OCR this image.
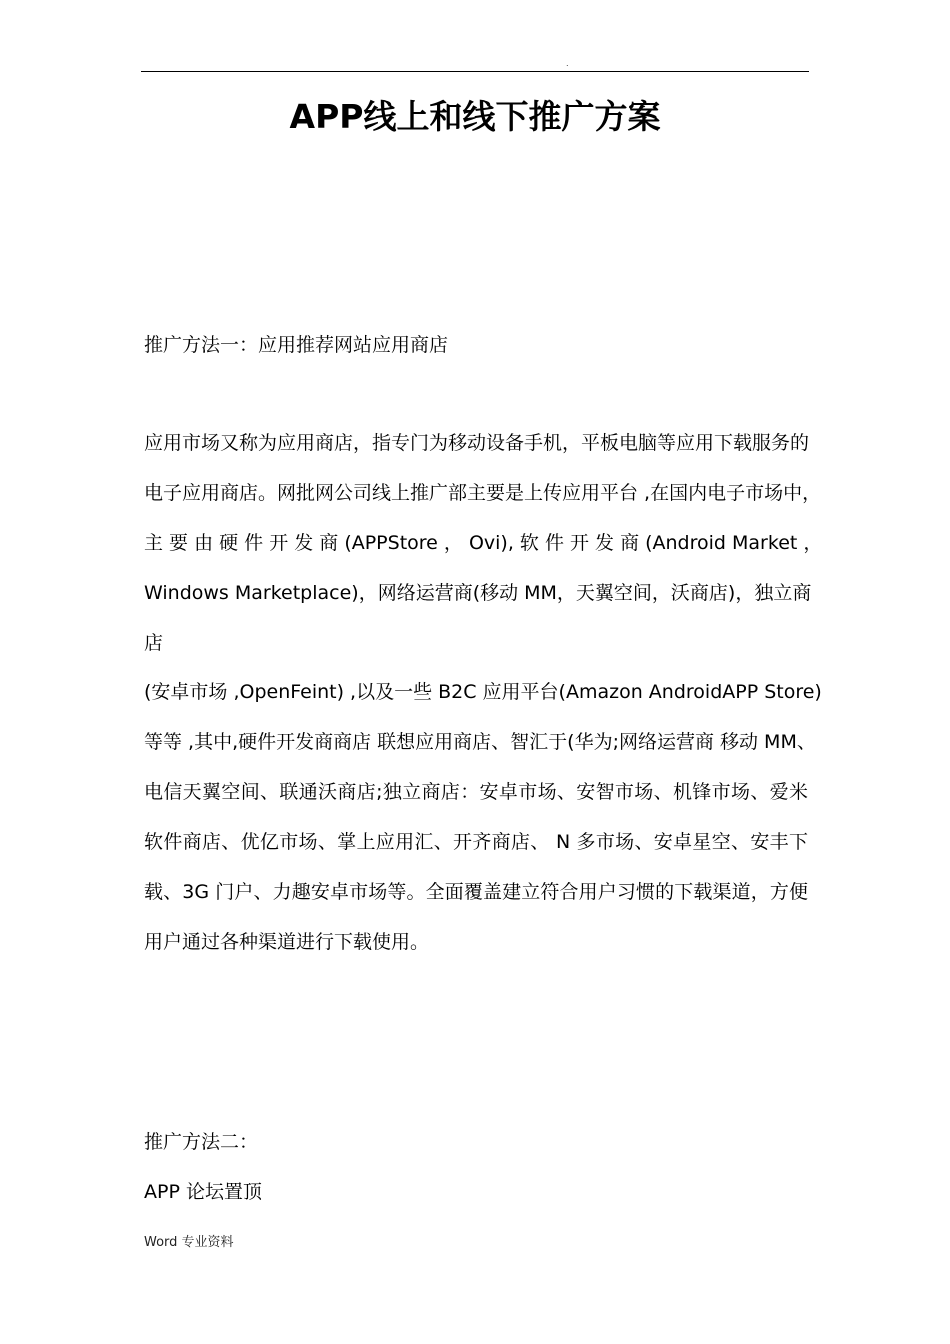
.
APP线上和线下推广方案

推广方法一：应用推荐网站应用商店

应用市场又称为应用商店，指专门为移动设备手机，平板电脑等应用下载服务的
电子应用商店。网批网公司线上推广部主要是上传应用平台 ,在国内电子市场中，
主 要 由 硬 件 开 发 商 (APPStore ， Ovi), 软 件 开 发 商 (Android Market ，
Windows Marketplace)，网络运营商(移动 MM，天翼空间，沃商店)，独立商
店
(安卓市场 ,OpenFeint) ,以及一些 B2C 应用平台(Amazon AndroidAPP Store)
等等 ,其中,硬件开发商商店 联想应用商店、智汇于(华为;网络运营商 移动 MM、
电信天翼空间、联通沃商店;独立商店：安卓市场、安智市场、机锋市场、爱米
软件商店、优亿市场、掌上应用汇、开齐商店、 N 多市场、安卓星空、安丰下
载、3G 门户、力趣安卓市场等。全面覆盖建立符合用户习惯的下载渠道，方便
用户通过各种渠道进行下载使用。

推广方法二：

APP 论坛置顶

Word 专业资料
